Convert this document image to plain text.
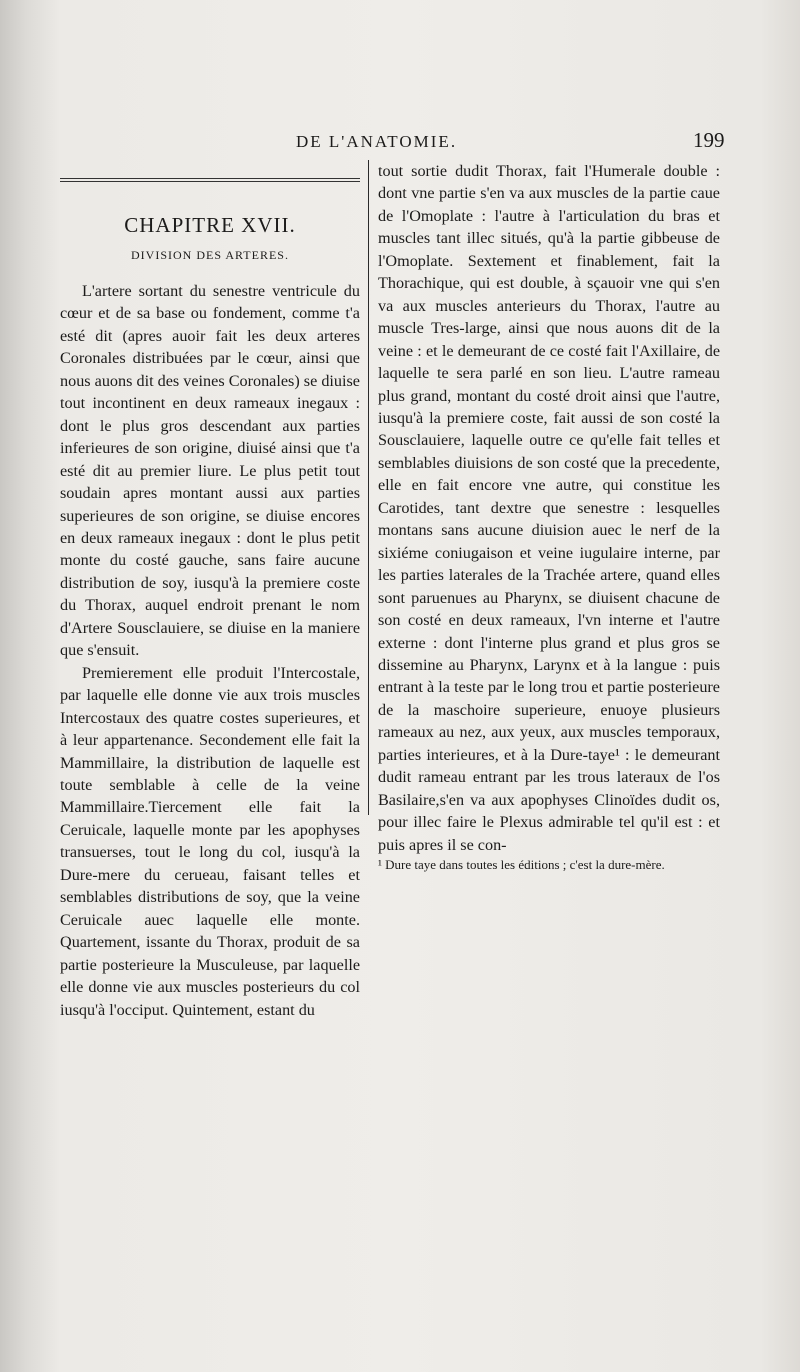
DE L'ANATOMIE.	199
CHAPITRE XVII.
DIVISION DES ARTERES.

L'artere sortant du senestre ventricule du cœur et de sa base ou fondement, comme t'a esté dit (apres auoir fait les deux arteres Coronales distribuées par le cœur, ainsi que nous auons dit des veines Coronales) se diuise tout incontinent en deux rameaux inegaux : dont le plus gros descendant aux parties inferieures de son origine, diuisé ainsi que t'a esté dit au premier liure. Le plus petit tout soudain apres montant aussi aux parties superieures de son origine, se diuise encores en deux rameaux inegaux : dont le plus petit monte du costé gauche, sans faire aucune distribution de soy, iusqu'à la premiere coste du Thorax, auquel endroit prenant le nom d'Artere Sousclauiere, se diuise en la maniere que s'ensuit.

Premierement elle produit l'Intercostale, par laquelle elle donne vie aux trois muscles Intercostaux des quatre costes superieures, et à leur appartenance. Secondement elle fait la Mammillaire, la distribution de laquelle est toute semblable à celle de la veine Mammillaire.Tiercement elle fait la Ceruicale, laquelle monte par les apophyses transuerses, tout le long du col, iusqu'à la Dure-mere du cerueau, faisant telles et semblables distributions de soy, que la veine Ceruicale auec laquelle elle monte. Quartement, issante du Thorax, produit de sa partie posterieure la Musculeuse, par laquelle elle donne vie aux muscles posterieurs du col iusqu'à l'occiput. Quintement, estant du

tout sortie dudit Thorax, fait l'Humerale double : dont vne partie s'en va aux muscles de la partie caue de l'Omoplate : l'autre à l'articulation du bras et muscles tant illec situés, qu'à la partie gibbeuse de l'Omoplate. Sextement et finablement, fait la Thorachique, qui est double, à sçauoir vne qui s'en va aux muscles anterieurs du Thorax, l'autre au muscle Tres-large, ainsi que nous auons dit de la veine : et le demeurant de ce costé fait l'Axillaire, de laquelle te sera parlé en son lieu. L'autre rameau plus grand, montant du costé droit ainsi que l'autre, iusqu'à la premiere coste, fait aussi de son costé la Sousclauiere, laquelle outre ce qu'elle fait telles et semblables diuisions de son costé que la precedente, elle en fait encore vne autre, qui constitue les Carotides, tant dextre que senestre : lesquelles montans sans aucune diuision auec le nerf de la sixiéme coniugaison et veine iugulaire interne, par les parties laterales de la Trachée artere, quand elles sont paruenues au Pharynx, se diuisent chacune de son costé en deux rameaux, l'vn interne et l'autre externe : dont l'interne plus grand et plus gros se dissemine au Pharynx, Larynx et à la langue : puis entrant à la teste par le long trou et partie posterieure de la maschoire superieure, enuoye plusieurs rameaux au nez, aux yeux, aux muscles temporaux, parties interieures, et à la Dure-taye¹ : le demeurant dudit rameau entrant par les trous lateraux de l'os Basilaire,s'en va aux apophyses Clinoïdes dudit os, pour illec faire le Plexus admirable tel qu'il est : et puis apres il se con-

¹ Dure taye dans toutes les éditions ; c'est la dure-mère.
